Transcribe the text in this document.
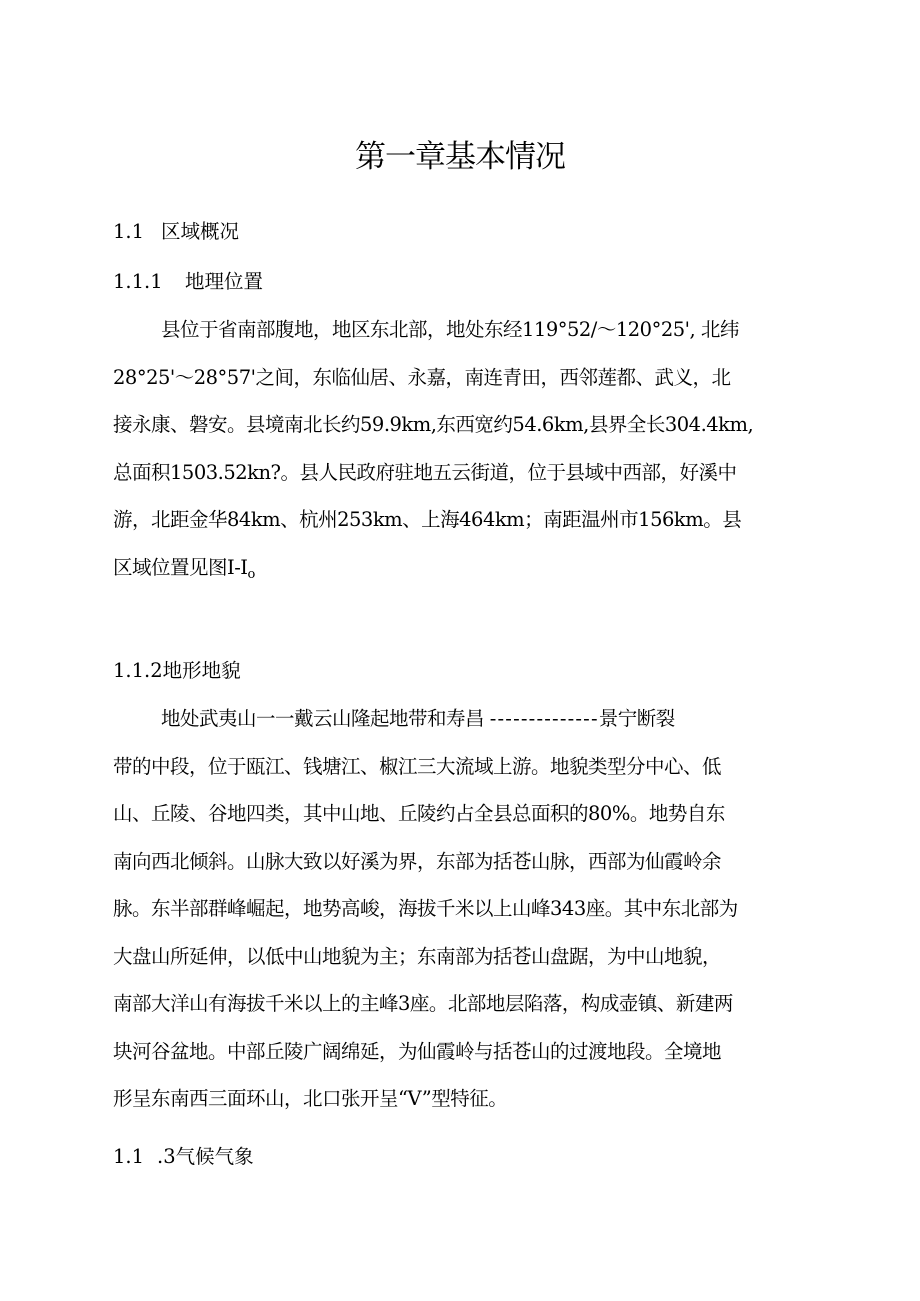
第一章基本情况
1.1 区域概况
1.1.1 地理位置
县位于省南部腹地，地区东北部，地处东经119°52/〜120°25', 北纬
28°25'〜28°57'之间，东临仙居、永嘉，南连青田，西邻莲都、武义，北
接永康、磐安。县境南北长约59.9km,东西宽约54.6km,县界全长304.4km,
总面积1503.52kn?。县人民政府驻地五云街道，位于县域中西部，好溪中
游，北距金华84km、杭州253km、上海464km；南距温州市156km。县
区域位置见图$I-I_o$
1.1.2地形地貌
地处武夷山一一戴云山隆起地带和寿昌 --------------景宁断裂
带的中段，位于瓯江、钱塘江、椒江三大流域上游。地貌类型分中心、低
山、丘陵、谷地四类，其中山地、丘陵约占全县总面积的80%。地势自东
南向西北倾斜。山脉大致以好溪为界，东部为括苍山脉，西部为仙霞岭余
脉。东半部群峰崛起，地势高峻，海拔千米以上山峰343座。其中东北部为
大盘山所延伸，以低中山地貌为主；东南部为括苍山盘踞，为中山地貌，
南部大洋山有海拔千米以上的主峰3座。北部地层陷落，构成壶镇、新建两
块河谷盆地。中部丘陵广阔绵延，为仙霞岭与括苍山的过渡地段。全境地
形呈东南西三面环山，北口张开呈“V”型特征。
1.1 .3气候气象
